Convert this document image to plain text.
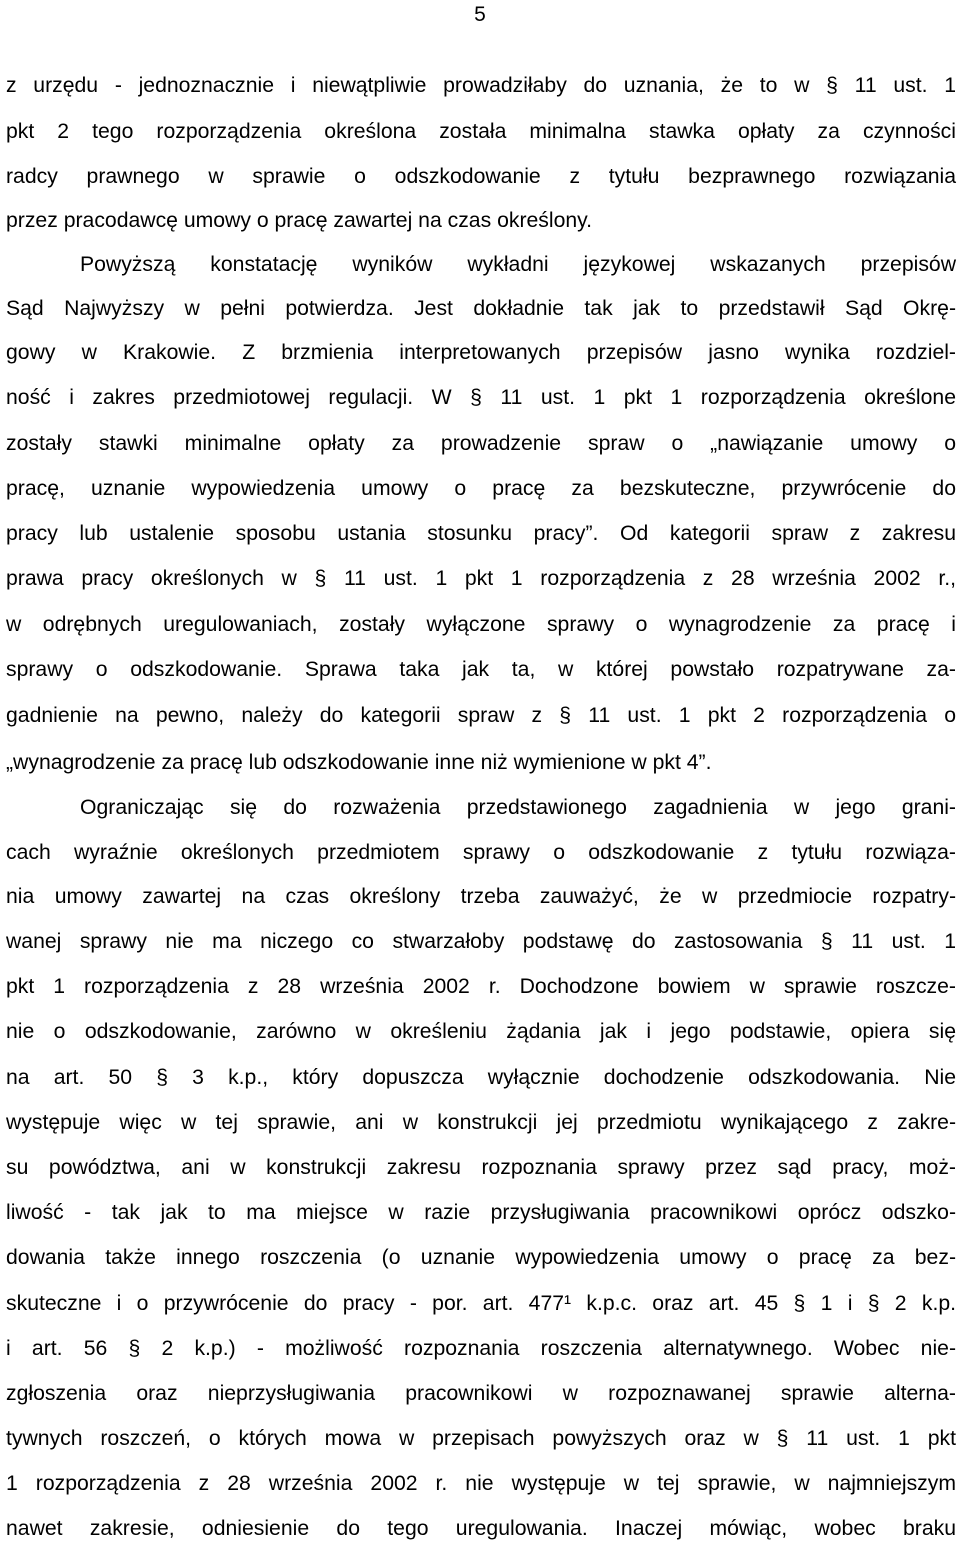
5
z urzędu - jednoznacznie i niewątpliwie prowadziłaby do uznania, że to w § 11 ust. 1
pkt 2 tego rozporządzenia określona została minimalna stawka opłaty za czynności
radcy prawnego w sprawie o odszkodowanie z tytułu bezprawnego rozwiązania
przez pracodawcę umowy o pracę zawartej na czas określony.
Powyższą konstatację wyników wykładni językowej wskazanych przepisów
Sąd Najwyższy w pełni potwierdza. Jest dokładnie tak jak to przedstawił Sąd Okrę-
gowy w Krakowie. Z brzmienia interpretowanych przepisów jasno wynika rozdziel-
ność i zakres przedmiotowej regulacji. W § 11 ust. 1 pkt 1 rozporządzenia określone
zostały stawki minimalne opłaty za prowadzenie spraw o „nawiązanie umowy o
pracę, uznanie wypowiedzenia umowy o pracę za bezskuteczne, przywrócenie do
pracy lub ustalenie sposobu ustania stosunku pracy”. Od kategorii spraw z zakresu
prawa pracy określonych w § 11 ust. 1 pkt 1 rozporządzenia z 28 września 2002 r.,
w odrębnych uregulowaniach, zostały wyłączone sprawy o wynagrodzenie za pracę i
sprawy o odszkodowanie. Sprawa taka jak ta, w której powstało rozpatrywane za-
gadnienie na pewno, należy do kategorii spraw z § 11 ust. 1 pkt 2 rozporządzenia o
„wynagrodzenie za pracę lub odszkodowanie inne niż wymienione w pkt 4”.
Ograniczając się do rozważenia przedstawionego zagadnienia w jego grani-
cach wyraźnie określonych przedmiotem sprawy o odszkodowanie z tytułu rozwiąza-
nia umowy zawartej na czas określony trzeba zauważyć, że w przedmiocie rozpatry-
wanej sprawy nie ma niczego co stwarzałoby podstawę do zastosowania § 11 ust. 1
pkt 1 rozporządzenia z 28 września 2002 r. Dochodzone bowiem w sprawie roszcze-
nie o odszkodowanie, zarówno w określeniu żądania jak i jego podstawie, opiera się
na art. 50 § 3 k.p., który dopuszcza wyłącznie dochodzenie odszkodowania. Nie
występuje więc w tej sprawie, ani w konstrukcji jej przedmiotu wynikającego z zakre-
su powództwa, ani w konstrukcji zakresu rozpoznania sprawy przez sąd pracy, moż-
liwość - tak jak to ma miejsce w razie przysługiwania pracownikowi oprócz odszko-
dowania także innego roszczenia (o uznanie wypowiedzenia umowy o pracę za bez-
skuteczne i o przywrócenie do pracy - por. art. 477¹ k.p.c. oraz art. 45 § 1 i § 2 k.p.
i art. 56 § 2 k.p.) - możliwość rozpoznania roszczenia alternatywnego. Wobec nie-
zgłoszenia oraz nieprzysługiwania pracownikowi w rozpoznawanej sprawie alterna-
tywnych roszczeń, o których mowa w przepisach powyższych oraz w § 11 ust. 1 pkt
1 rozporządzenia z 28 września 2002 r. nie występuje w tej sprawie, w najmniejszym
nawet zakresie, odniesienie do tego uregulowania. Inaczej mówiąc, wobec braku
